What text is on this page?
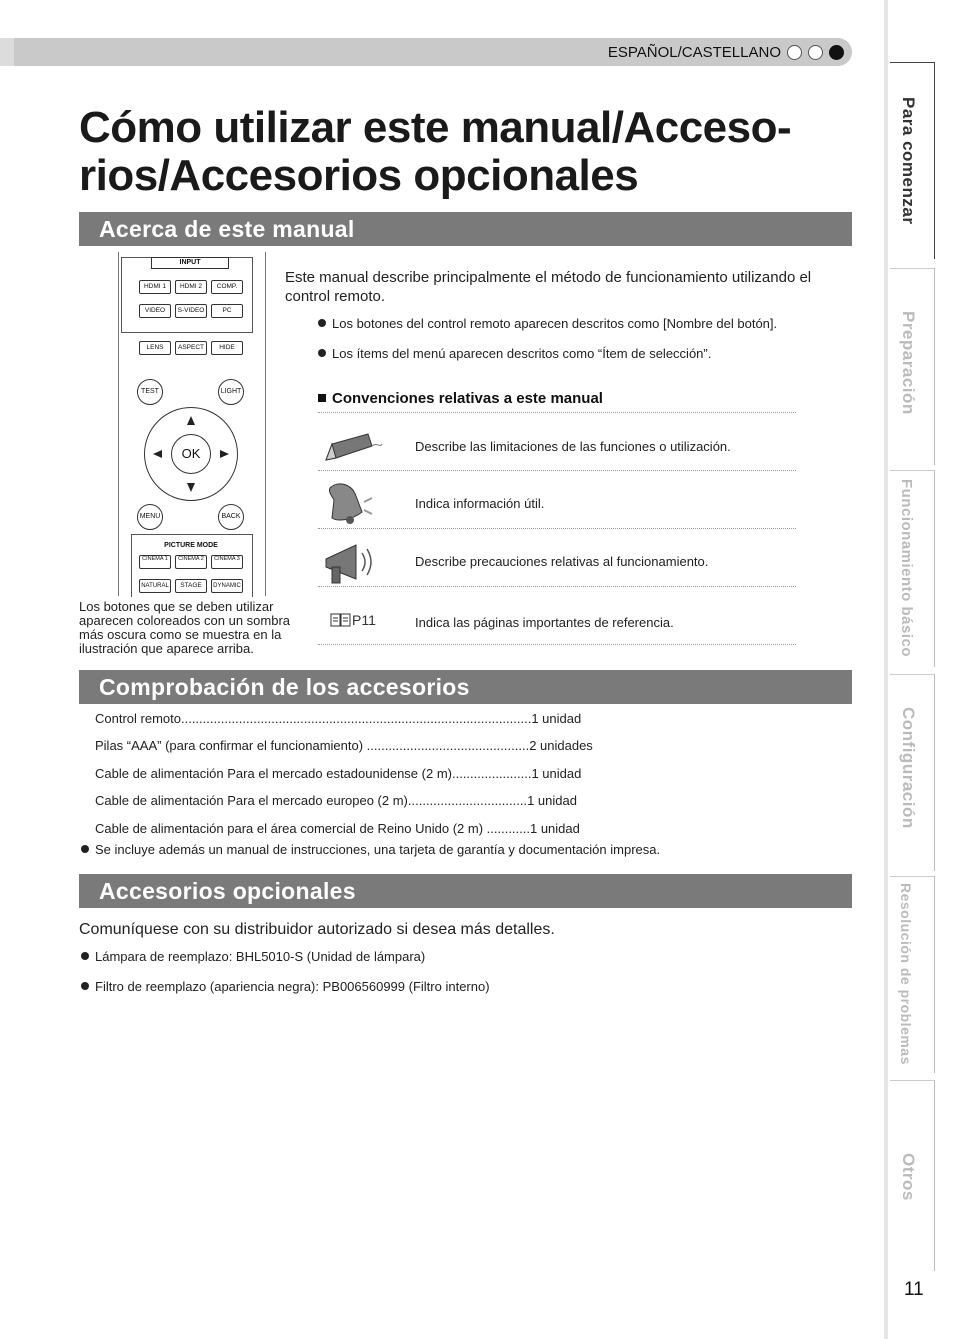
ESPAÑOL/CASTELLANO
Cómo utilizar este manual/Acceso-
rios/Accesorios opcionales
Acerca de este manual
INPUT
HDMI 1	HDMI 2	COMP.
VIDEO	S-VIDEO	PC
LENS	ASPECT	HIDE
TEST	LIGHT
OK
MENU	BACK
PICTURE MODE
CINEMA 1	CINEMA 2	CINEMA 3
NATURAL	STAGE	DYNAMIC
Los botones que se deben utilizar aparecen coloreados con un sombra más oscura como se muestra en la ilustración que aparece arriba.
Este manual describe principalmente el método de funcionamiento utilizando el control remoto.
Los botones del control remoto aparecen descritos como [Nombre del botón].
Los ítems del menú aparecen descritos como “Ítem de selección”.
Convenciones relativas a este manual
Describe las limitaciones de las funciones o utilización.
Indica información útil.
Describe precauciones relativas al funcionamiento.
P11	Indica las páginas importantes de referencia.
Comprobación de los accesorios
Control remoto.................................................................................................1 unidad
Pilas “AAA” (para confirmar el funcionamiento) .............................................2 unidades
Cable de alimentación Para el mercado estadounidense (2 m)......................1 unidad
Cable de alimentación Para el mercado europeo (2 m).................................1 unidad
Cable de alimentación para el área comercial de Reino Unido (2 m) ............1 unidad
Se incluye además un manual de instrucciones, una tarjeta de garantía y documentación impresa.
Accesorios opcionales
Comuníquese con su distribuidor autorizado si desea más detalles.
Lámpara de reemplazo: BHL5010-S (Unidad de lámpara)
Filtro de reemplazo (apariencia negra): PB006560999 (Filtro interno)
Para comenzar
Preparación
Funcionamiento básico
Configuración
Resolución de problemas
Otros
11
